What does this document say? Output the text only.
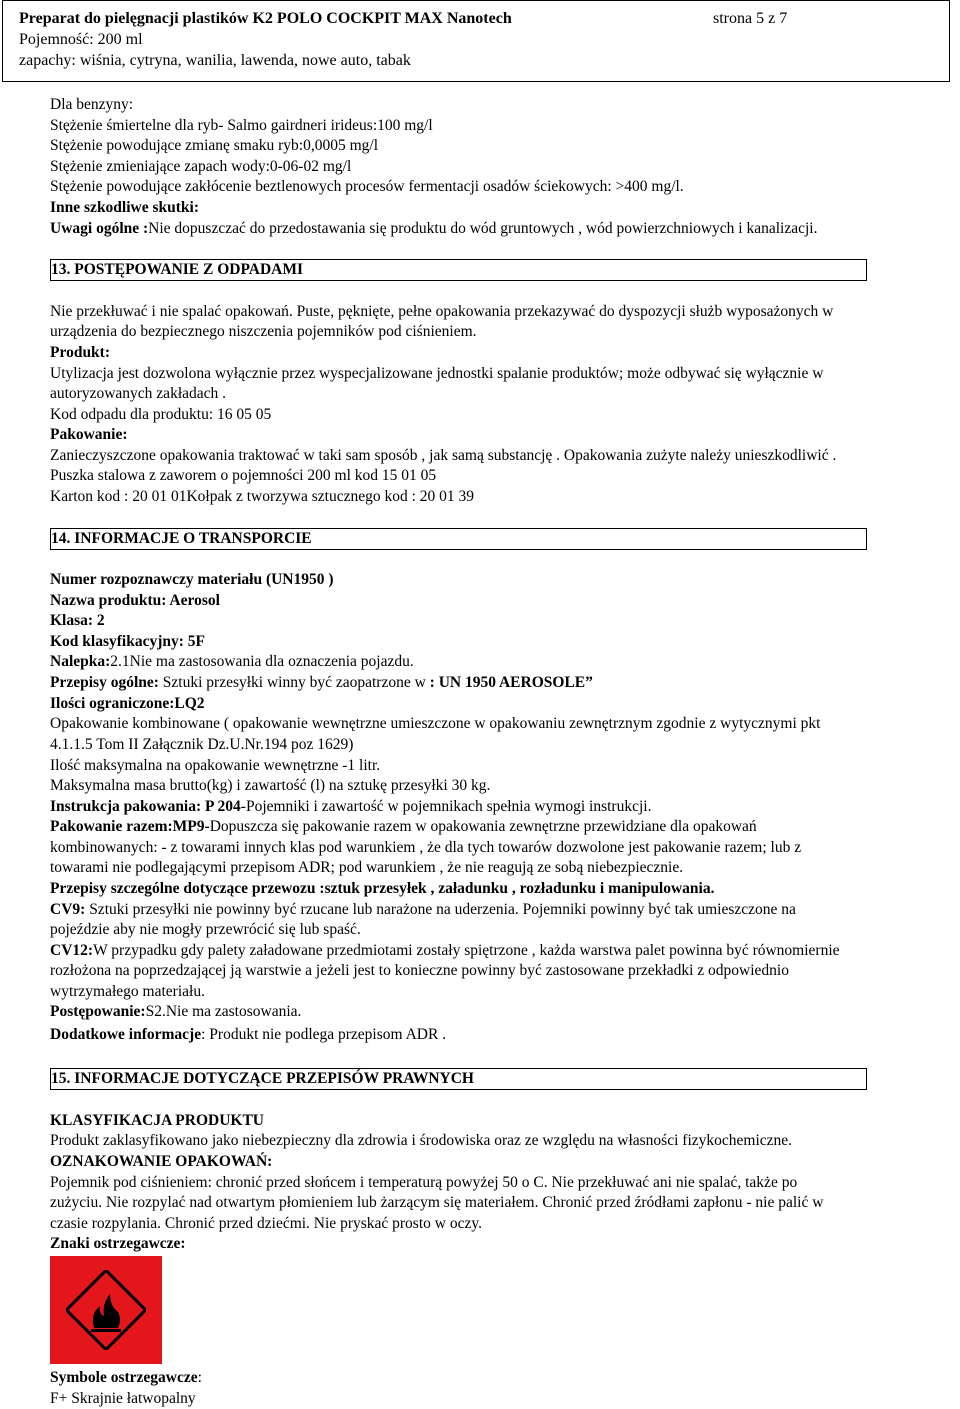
Preparat do pielęgnacji plastików K2 POLO COCKPIT MAX Nanotech	strona 5 z 7
Pojemność: 200 ml
zapachy: wiśnia, cytryna, wanilia, lawenda, nowe auto, tabak
Dla benzyny:
Stężenie śmiertelne dla ryb- Salmo gairdneri irideus:100 mg/l
Stężenie powodujące zmianę smaku ryb:0,0005 mg/l
Stężenie zmieniające zapach wody:0-06-02 mg/l
Stężenie powodujące zakłócenie beztlenowych procesów fermentacji osadów ściekowych: >400 mg/l.
Inne szkodliwe skutki:
Uwagi ogólne :Nie dopuszczać do przedostawania się produktu do wód gruntowych , wód powierzchniowych i kanalizacji.
13. POSTĘPOWANIE Z ODPADAMI
Nie przekłuwać i nie spalać opakowań. Puste, pęknięte, pełne opakowania przekazywać do dyspozycji służb wyposażonych w
urządzenia do bezpiecznego niszczenia pojemników pod ciśnieniem.
Produkt:
Utylizacja jest dozwolona wyłącznie przez wyspecjalizowane jednostki spalanie produktów; może odbywać się wyłącznie w
autoryzowanych zakładach .
Kod odpadu dla produktu: 16 05 05
Pakowanie:
Zanieczyszczone opakowania traktować w taki sam sposób , jak samą substancję . Opakowania zużyte należy unieszkodliwić .
Puszka stalowa z zaworem o pojemności 200 ml kod 15 01 05
Karton kod : 20 01 01Kołpak z tworzywa sztucznego kod : 20 01 39
14. INFORMACJE O TRANSPORCIE
Numer rozpoznawczy materiału (UN1950 )
Nazwa produktu: Aerosol
Klasa: 2
Kod klasyfikacyjny: 5F
Nalepka:2.1Nie ma zastosowania dla oznaczenia pojazdu.
Przepisy ogólne: Sztuki przesyłki winny być zaopatrzone w : UN 1950 AEROSOLE”
Ilości ograniczone:LQ2
Opakowanie kombinowane ( opakowanie wewnętrzne umieszczone w opakowaniu zewnętrznym zgodnie z wytycznymi pkt
4.1.1.5 Tom II Załącznik Dz.U.Nr.194 poz 1629)
Ilość maksymalna na opakowanie wewnętrzne -1 litr.
Maksymalna masa brutto(kg) i zawartość (l) na sztukę przesyłki 30 kg.
Instrukcja pakowania: P 204-Pojemniki i zawartość w pojemnikach spełnia wymogi instrukcji.
Pakowanie razem:MP9-Dopuszcza się pakowanie razem w opakowania zewnętrzne przewidziane dla opakowań
kombinowanych: - z towarami innych klas pod warunkiem , że dla tych towarów dozwolone jest pakowanie razem; lub z
towarami nie podlegającymi przepisom ADR; pod warunkiem , że nie reagują ze sobą niebezpiecznie.
Przepisy szczególne dotyczące przewozu :sztuk przesyłek , załadunku , rozładunku i manipulowania.
CV9: Sztuki przesyłki nie powinny być rzucane lub narażone na uderzenia. Pojemniki powinny być tak umieszczone na
pojeździe aby nie mogły przewrócić się lub spaść.
CV12:W przypadku gdy palety załadowane przedmiotami zostały spiętrzone , każda warstwa palet powinna być równomiernie
rozłożona na poprzedzającej ją warstwie a jeżeli jest to konieczne powinny być zastosowane przekładki z odpowiednio
wytrzymałego materiału.
Postępowanie:S2.Nie ma zastosowania.
Dodatkowe informacje: Produkt nie podlega przepisom ADR .
15. INFORMACJE DOTYCZĄCE PRZEPISÓW PRAWNYCH
KLASYFIKACJA PRODUKTU
Produkt zaklasyfikowano jako niebezpieczny dla zdrowia i środowiska oraz ze względu na własności fizykochemiczne.
OZNAKOWANIE OPAKOWAŃ:
Pojemnik pod ciśnieniem: chronić przed słońcem i temperaturą powyżej 50 o C. Nie przekłuwać ani nie spalać, także po
zużyciu. Nie rozpylać nad otwartym płomieniem lub żarzącym się materiałem. Chronić przed źródłami zapłonu - nie palić w
czasie rozpylania. Chronić przed dziećmi. Nie pryskać prosto w oczy.
Znaki ostrzegawcze:
Symbole ostrzegawcze:
F+ Skrajnie łatwopalny
